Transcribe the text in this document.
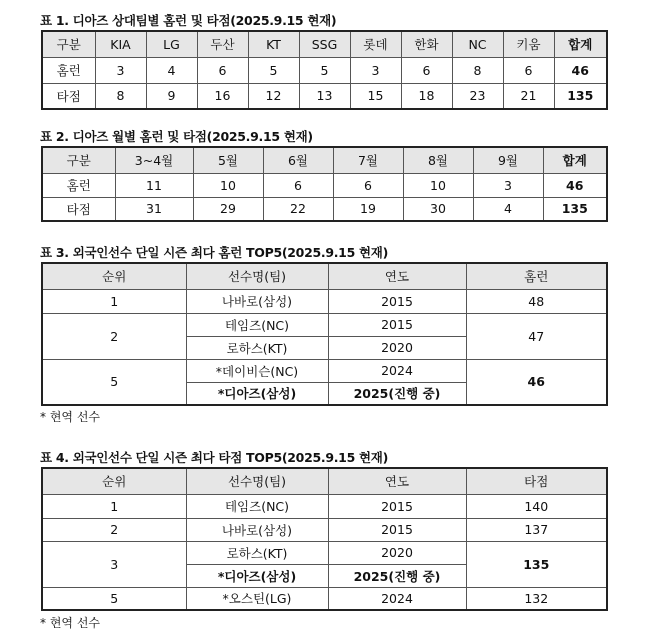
표 1. 디아즈 상대팀별 홈런 및 타점(2025.9.15 현재)
구분	KIA	LG	두산	KT	SSG	롯데	한화	NC	키움	합계
홈런	3	4	6	5	5	3	6	8	6	46
타점	8	9	16	12	13	15	18	23	21	135
표 2. 디아즈 월별 홈런 및 타점(2025.9.15 현재)
구분	3~4월	5월	6월	7월	8월	9월	합계
홈런	11	10	6	6	10	3	46
타점	31	29	22	19	30	4	135
표 3. 외국인선수 단일 시즌 최다 홈런 TOP5(2025.9.15 현재)
순위	선수명(팀)	연도	홈런
1	나바로(삼성)	2015	48
2	테임즈(NC)	2015	47
	로하스(KT)	2020	
5	*데이비슨(NC)	2024	46
	*디아즈(삼성)	2025(진행 중)	
* 현역 선수
표 4. 외국인선수 단일 시즌 최다 타점 TOP5(2025.9.15 현재)
순위	선수명(팀)	연도	타점
1	테임즈(NC)	2015	140
2	나바로(삼성)	2015	137
3	로하스(KT)	2020	135
	*디아즈(삼성)	2025(진행 중)	
5	*오스틴(LG)	2024	132
* 현역 선수
